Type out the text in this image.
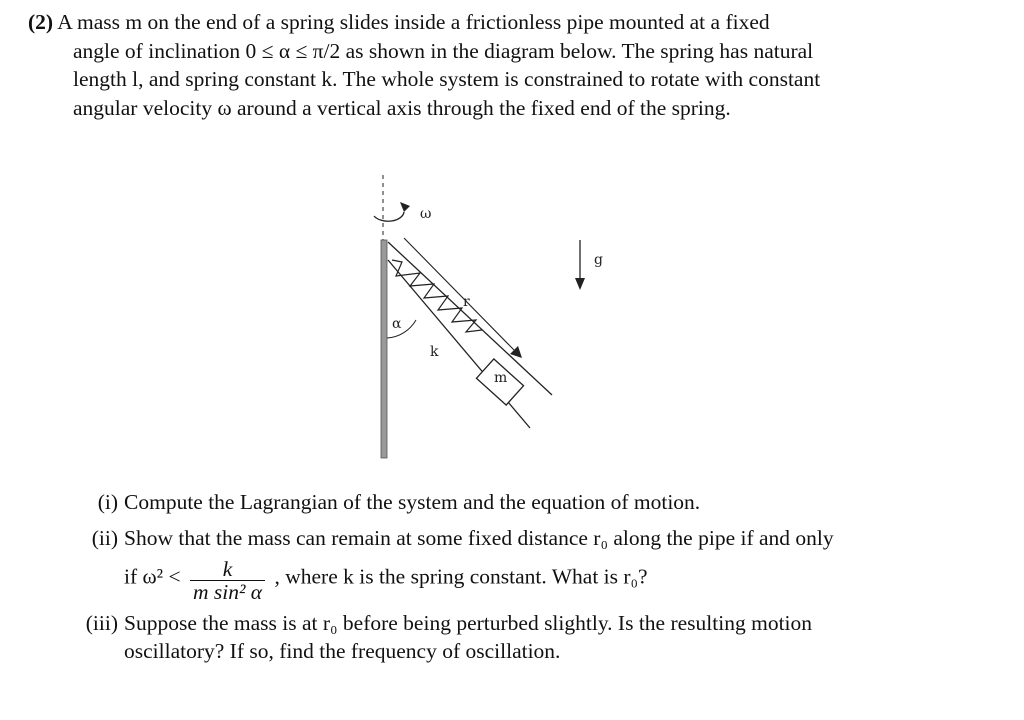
(2) A mass m on the end of a spring slides inside a frictionless pipe mounted at a fixed
angle of inclination 0 ≤ α ≤ π/2 as shown in the diagram below. The spring has natural
length l, and spring constant k. The whole system is constrained to rotate with constant
angular velocity ω around a vertical axis through the fixed end of the spring.
ω
m
r
α
k
g
(i) Compute the Lagrangian of the system and the equation of motion.
(ii) Show that the mass can remain at some fixed distance r₀ along the pipe if and only
if $\omega^2 < \frac{k}{\text{m sin² α}}$ , where k is the spring constant. What is r₀?
(iii) Suppose the mass is at r₀ before being perturbed slightly. Is the resulting motion
oscillatory? If so, find the frequency of oscillation.
